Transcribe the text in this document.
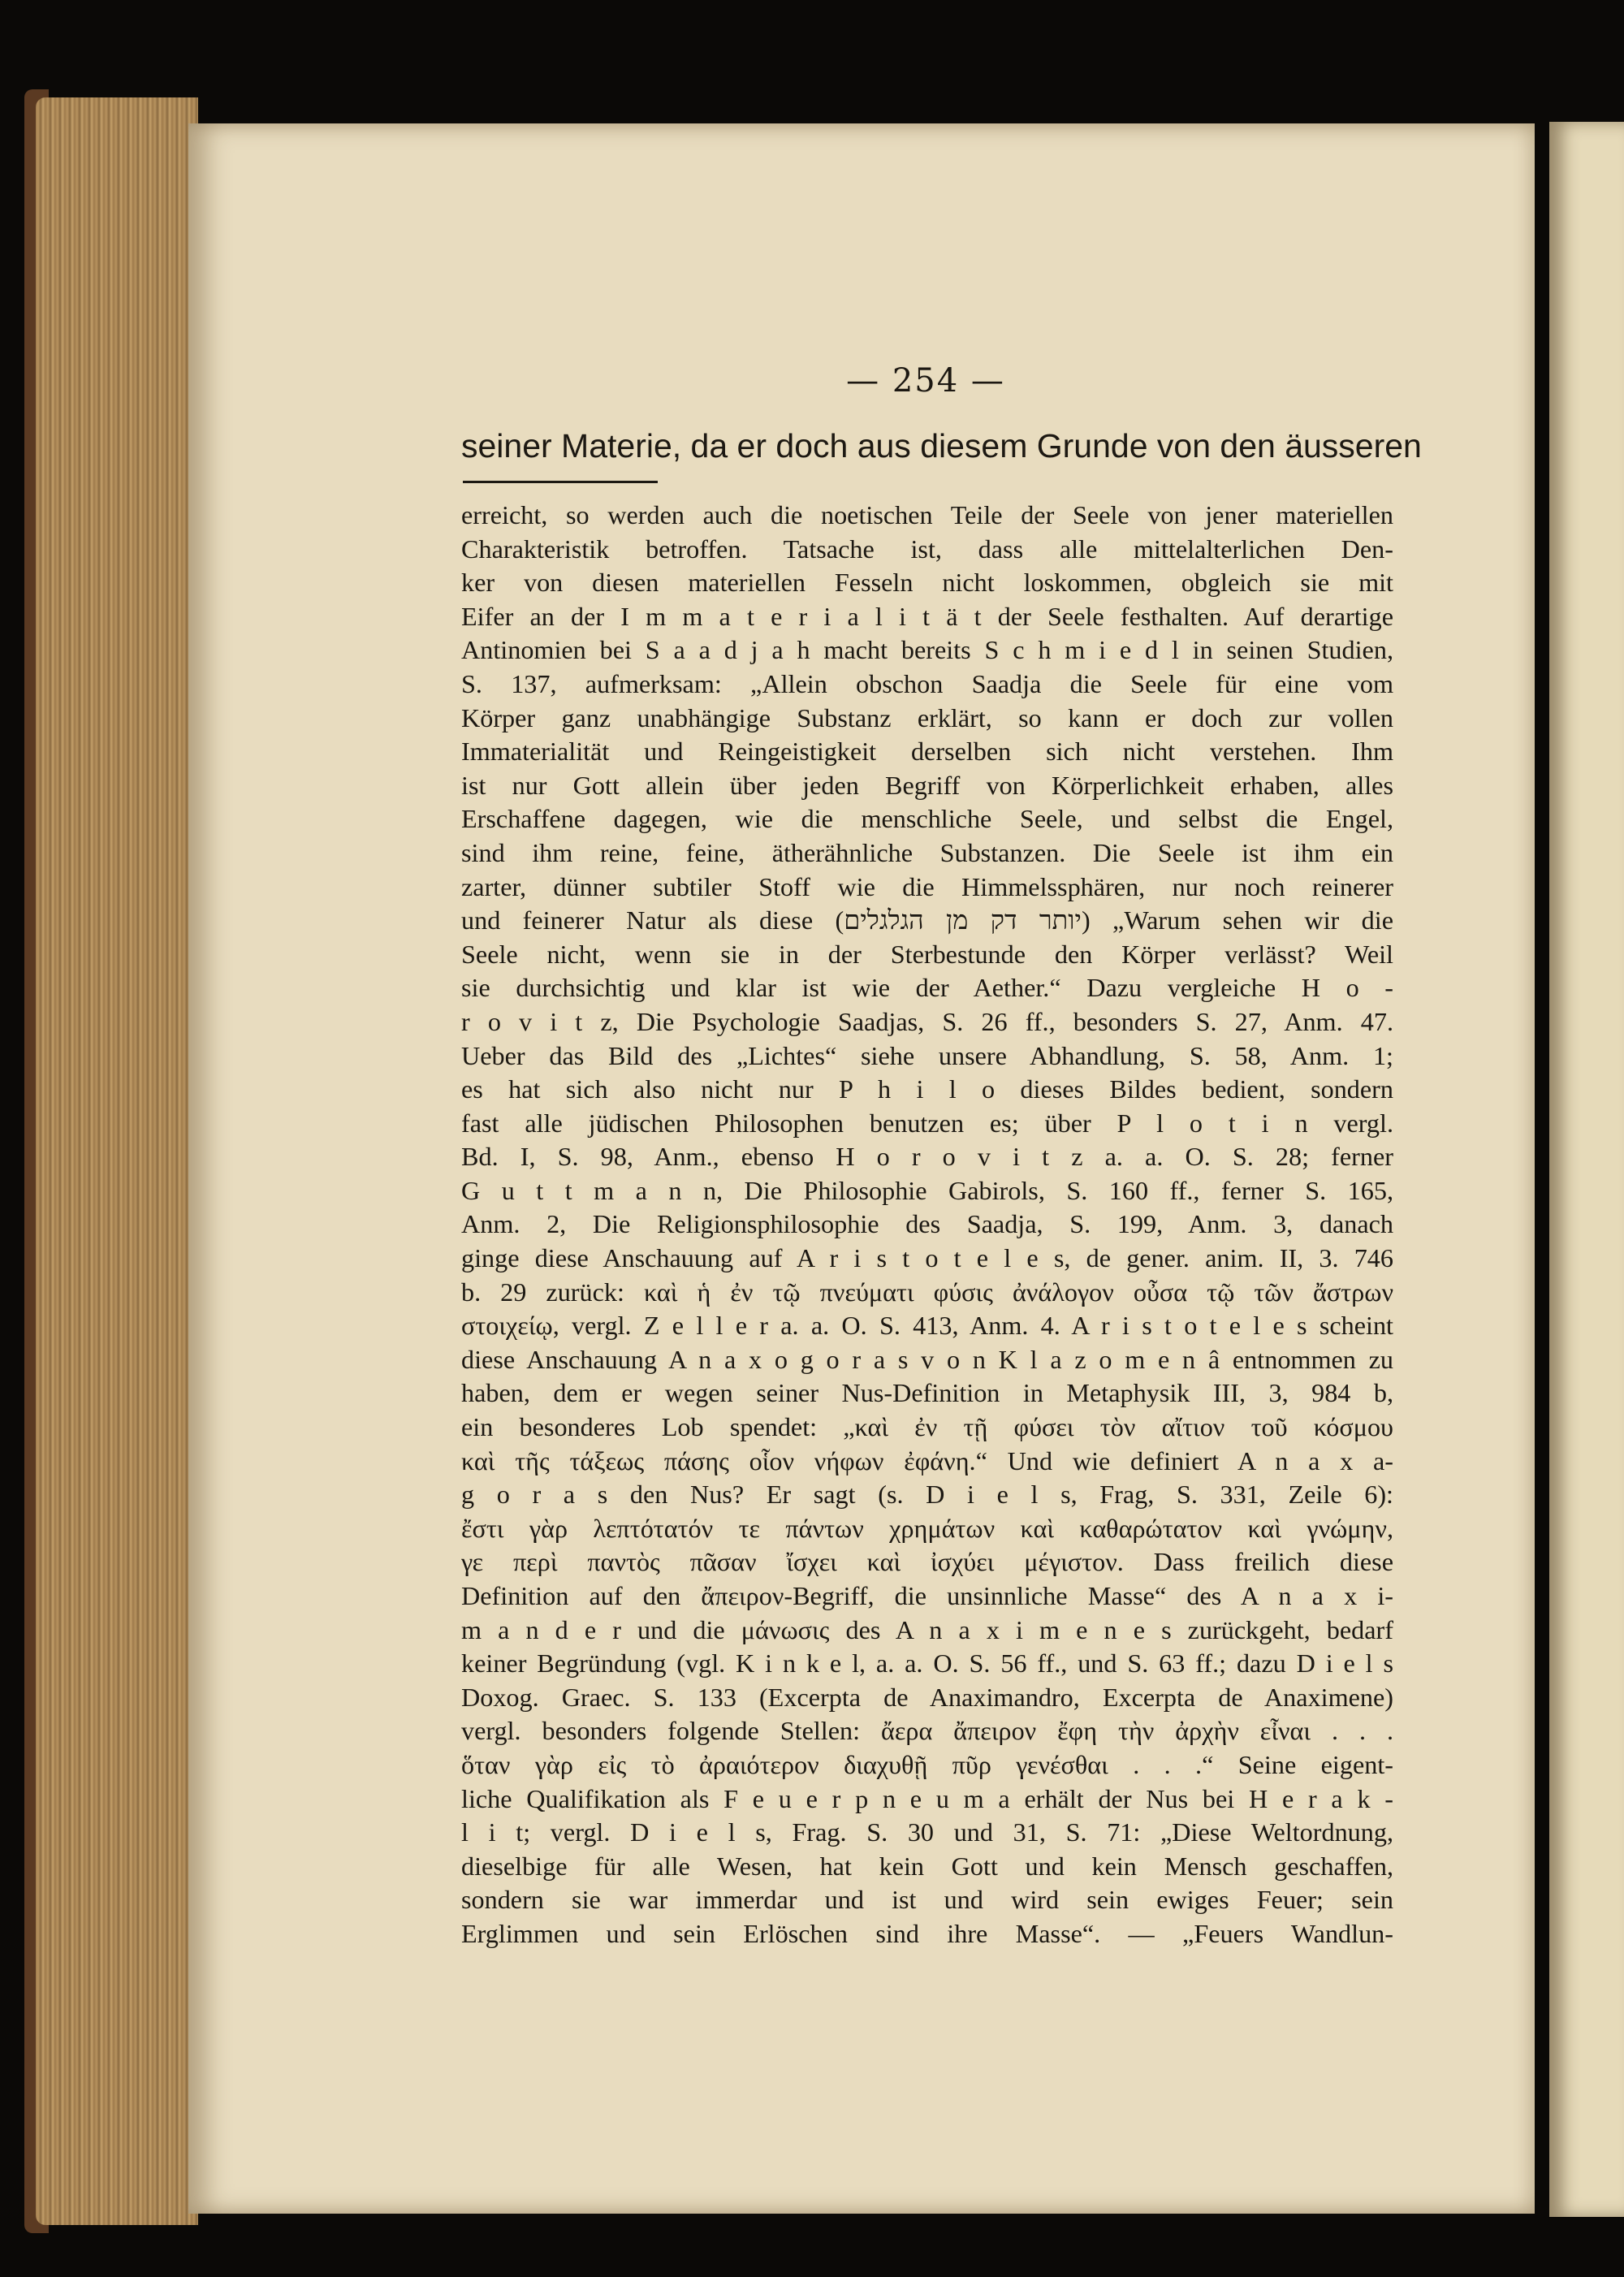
— 254 —
seiner Materie, da er doch aus diesem Grunde von den äusseren
erreicht, so werden auch die noetischen Teile der Seele von jener materiellen
Charakteristik betroffen. Tatsache ist, dass alle mittelalterlichen Den-
ker von diesen materiellen Fesseln nicht loskommen, obgleich sie mit
Eifer an der I m m a t e r i a l i t ä t der Seele festhalten. Auf derartige
Antinomien bei S a a d j a h macht bereits S c h m i e d l in seinen Studien,
S. 137, aufmerksam: „Allein obschon Saadja die Seele für eine vom
Körper ganz unabhängige Substanz erklärt, so kann er doch zur vollen
Immaterialität und Reingeistigkeit derselben sich nicht verstehen. Ihm
ist nur Gott allein über jeden Begriff von Körperlichkeit erhaben, alles
Erschaffene dagegen, wie die menschliche Seele, und selbst die Engel,
sind ihm reine, feine, ätherähnliche Substanzen. Die Seele ist ihm ein
zarter, dünner subtiler Stoff wie die Himmelssphären, nur noch reinerer
und feinerer Natur als diese (יותר דק מן הגלגלים) „Warum sehen wir die
Seele nicht, wenn sie in der Sterbestunde den Körper verlässt? Weil
sie durchsichtig und klar ist wie der Aether.“ Dazu vergleiche H o -
r o v i t z, Die Psychologie Saadjas, S. 26 ff., besonders S. 27, Anm. 47.
Ueber das Bild des „Lichtes“ siehe unsere Abhandlung, S. 58, Anm. 1;
es hat sich also nicht nur P h i l o dieses Bildes bedient, sondern
fast alle jüdischen Philosophen benutzen es; über P l o t i n vergl.
Bd. I, S. 98, Anm., ebenso H o r o v i t z a. a. O. S. 28; ferner
G u t t m a n n, Die Philosophie Gabirols, S. 160 ff., ferner S. 165,
Anm. 2, Die Religionsphilosophie des Saadja, S. 199, Anm. 3, danach
ginge diese Anschauung auf A r i s t o t e l e s, de gener. anim. II, 3. 746
b. 29 zurück: καὶ ἡ ἐν τῷ πνεύματι φύσις ἀνάλογον οὖσα τῷ τῶν ἄστρων
στοιχείῳ, vergl. Z e l l e r a. a. O. S. 413, Anm. 4. A r i s t o t e l e s scheint
diese Anschauung A n a x o g o r a s v o n K l a z o m e n â entnommen zu
haben, dem er wegen seiner Nus-Definition in Metaphysik III, 3, 984 b,
ein besonderes Lob spendet: „καὶ ἐν τῇ φύσει τὸν αἴτιον τοῦ κόσμου
καὶ τῆς τάξεως πάσης οἷον νήφων ἐφάνη.“ Und wie definiert A n a x a-
g o r a s den Nus? Er sagt (s. D i e l s, Frag, S. 331, Zeile 6):
ἔστι γὰρ λεπτότατόν τε πάντων χρημάτων καὶ καθαρώτατον καὶ γνώμην,
γε περὶ παντὸς πᾶσαν ἴσχει καὶ ἰσχύει μέγιστον. Dass freilich diese
Definition auf den ἄπειρον-Begriff, die unsinnliche Masse“ des A n a x i-
m a n d e r und die μάνωσις des A n a x i m e n e s zurückgeht, bedarf
keiner Begründung (vgl. K i n k e l, a. a. O. S. 56 ff., und S. 63 ff.; dazu D i e l s
Doxog. Graec. S. 133 (Excerpta de Anaximandro, Excerpta de Anaximene)
vergl. besonders folgende Stellen: ἄερα ἄπειρον ἔφη τὴν ἀρχὴν εἶναι . . .
ὅταν γὰρ εἰς τὸ ἀραιότερον διαχυθῇ πῦρ γενέσθαι . . .“ Seine eigent-
liche Qualifikation als F e u e r p n e u m a erhält der Nus bei H e r a k -
l i t; vergl. D i e l s, Frag. S. 30 und 31, S. 71: „Diese Weltordnung,
dieselbige für alle Wesen, hat kein Gott und kein Mensch geschaffen,
sondern sie war immerdar und ist und wird sein ewiges Feuer; sein
Erglimmen und sein Erlöschen sind ihre Masse“. — „Feuers Wandlun-
